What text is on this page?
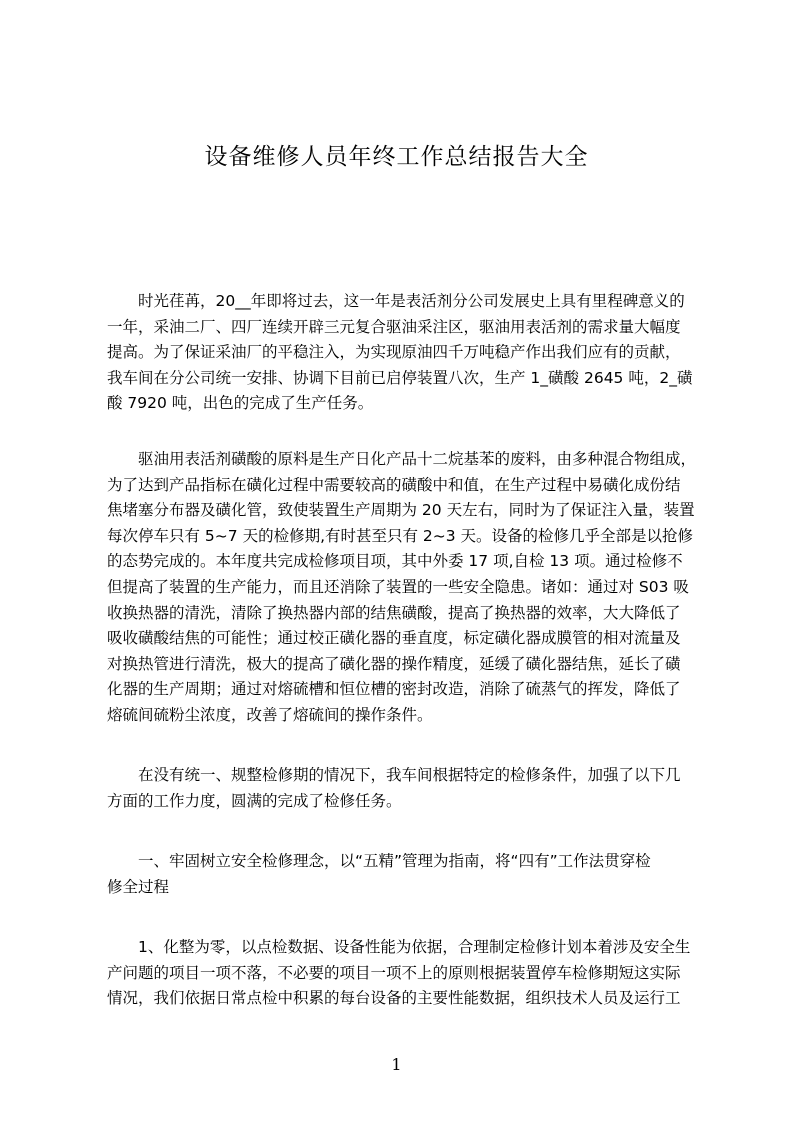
设备维修人员年终工作总结报告大全

　　时光荏苒，20__年即将过去，这一年是表活剂分公司发展史上具有里程碑意义的
一年，采油二厂、四厂连续开辟三元复合驱油采注区，驱油用表活剂的需求量大幅度
提高。为了保证采油厂的平稳注入，为实现原油四千万吨稳产作出我们应有的贡献，
我车间在分公司统一安排、协调下目前已启停装置八次，生产 1_磺酸 2645 吨，2_磺
酸 7920 吨，出色的完成了生产任务。

　　驱油用表活剂磺酸的原料是生产日化产品十二烷基苯的废料，由多种混合物组成，
为了达到产品指标在磺化过程中需要较高的磺酸中和值，在生产过程中易磺化成份结
焦堵塞分布器及磺化管，致使装置生产周期为 20 天左右，同时为了保证注入量，装置
每次停车只有 5~7 天的检修期,有时甚至只有 2~3 天。设备的检修几乎全部是以抢修
的态势完成的。本年度共完成检修项目项，其中外委 17 项,自检 13 项。通过检修不
但提高了装置的生产能力，而且还消除了装置的一些安全隐患。诸如：通过对 S03 吸
收换热器的清洗，清除了换热器内部的结焦磺酸，提高了换热器的效率，大大降低了
吸收磺酸结焦的可能性；通过校正磺化器的垂直度，标定磺化器成膜管的相对流量及
对换热管进行清洗，极大的提高了磺化器的操作精度，延缓了磺化器结焦，延长了磺
化器的生产周期；通过对熔硫槽和恒位槽的密封改造，消除了硫蒸气的挥发，降低了
熔硫间硫粉尘浓度，改善了熔硫间的操作条件。

　　在没有统一、规整检修期的情况下，我车间根据特定的检修条件，加强了以下几
方面的工作力度，圆满的完成了检修任务。

　　一、牢固树立安全检修理念，以“五精”管理为指南，将“四有”工作法贯穿检
修全过程

　　1、化整为零，以点检数据、设备性能为依据，合理制定检修计划本着涉及安全生
产问题的项目一项不落，不必要的项目一项不上的原则根据装置停车检修期短这实际
情况，我们依据日常点检中积累的每台设备的主要性能数据，组织技术人员及运行工

1
